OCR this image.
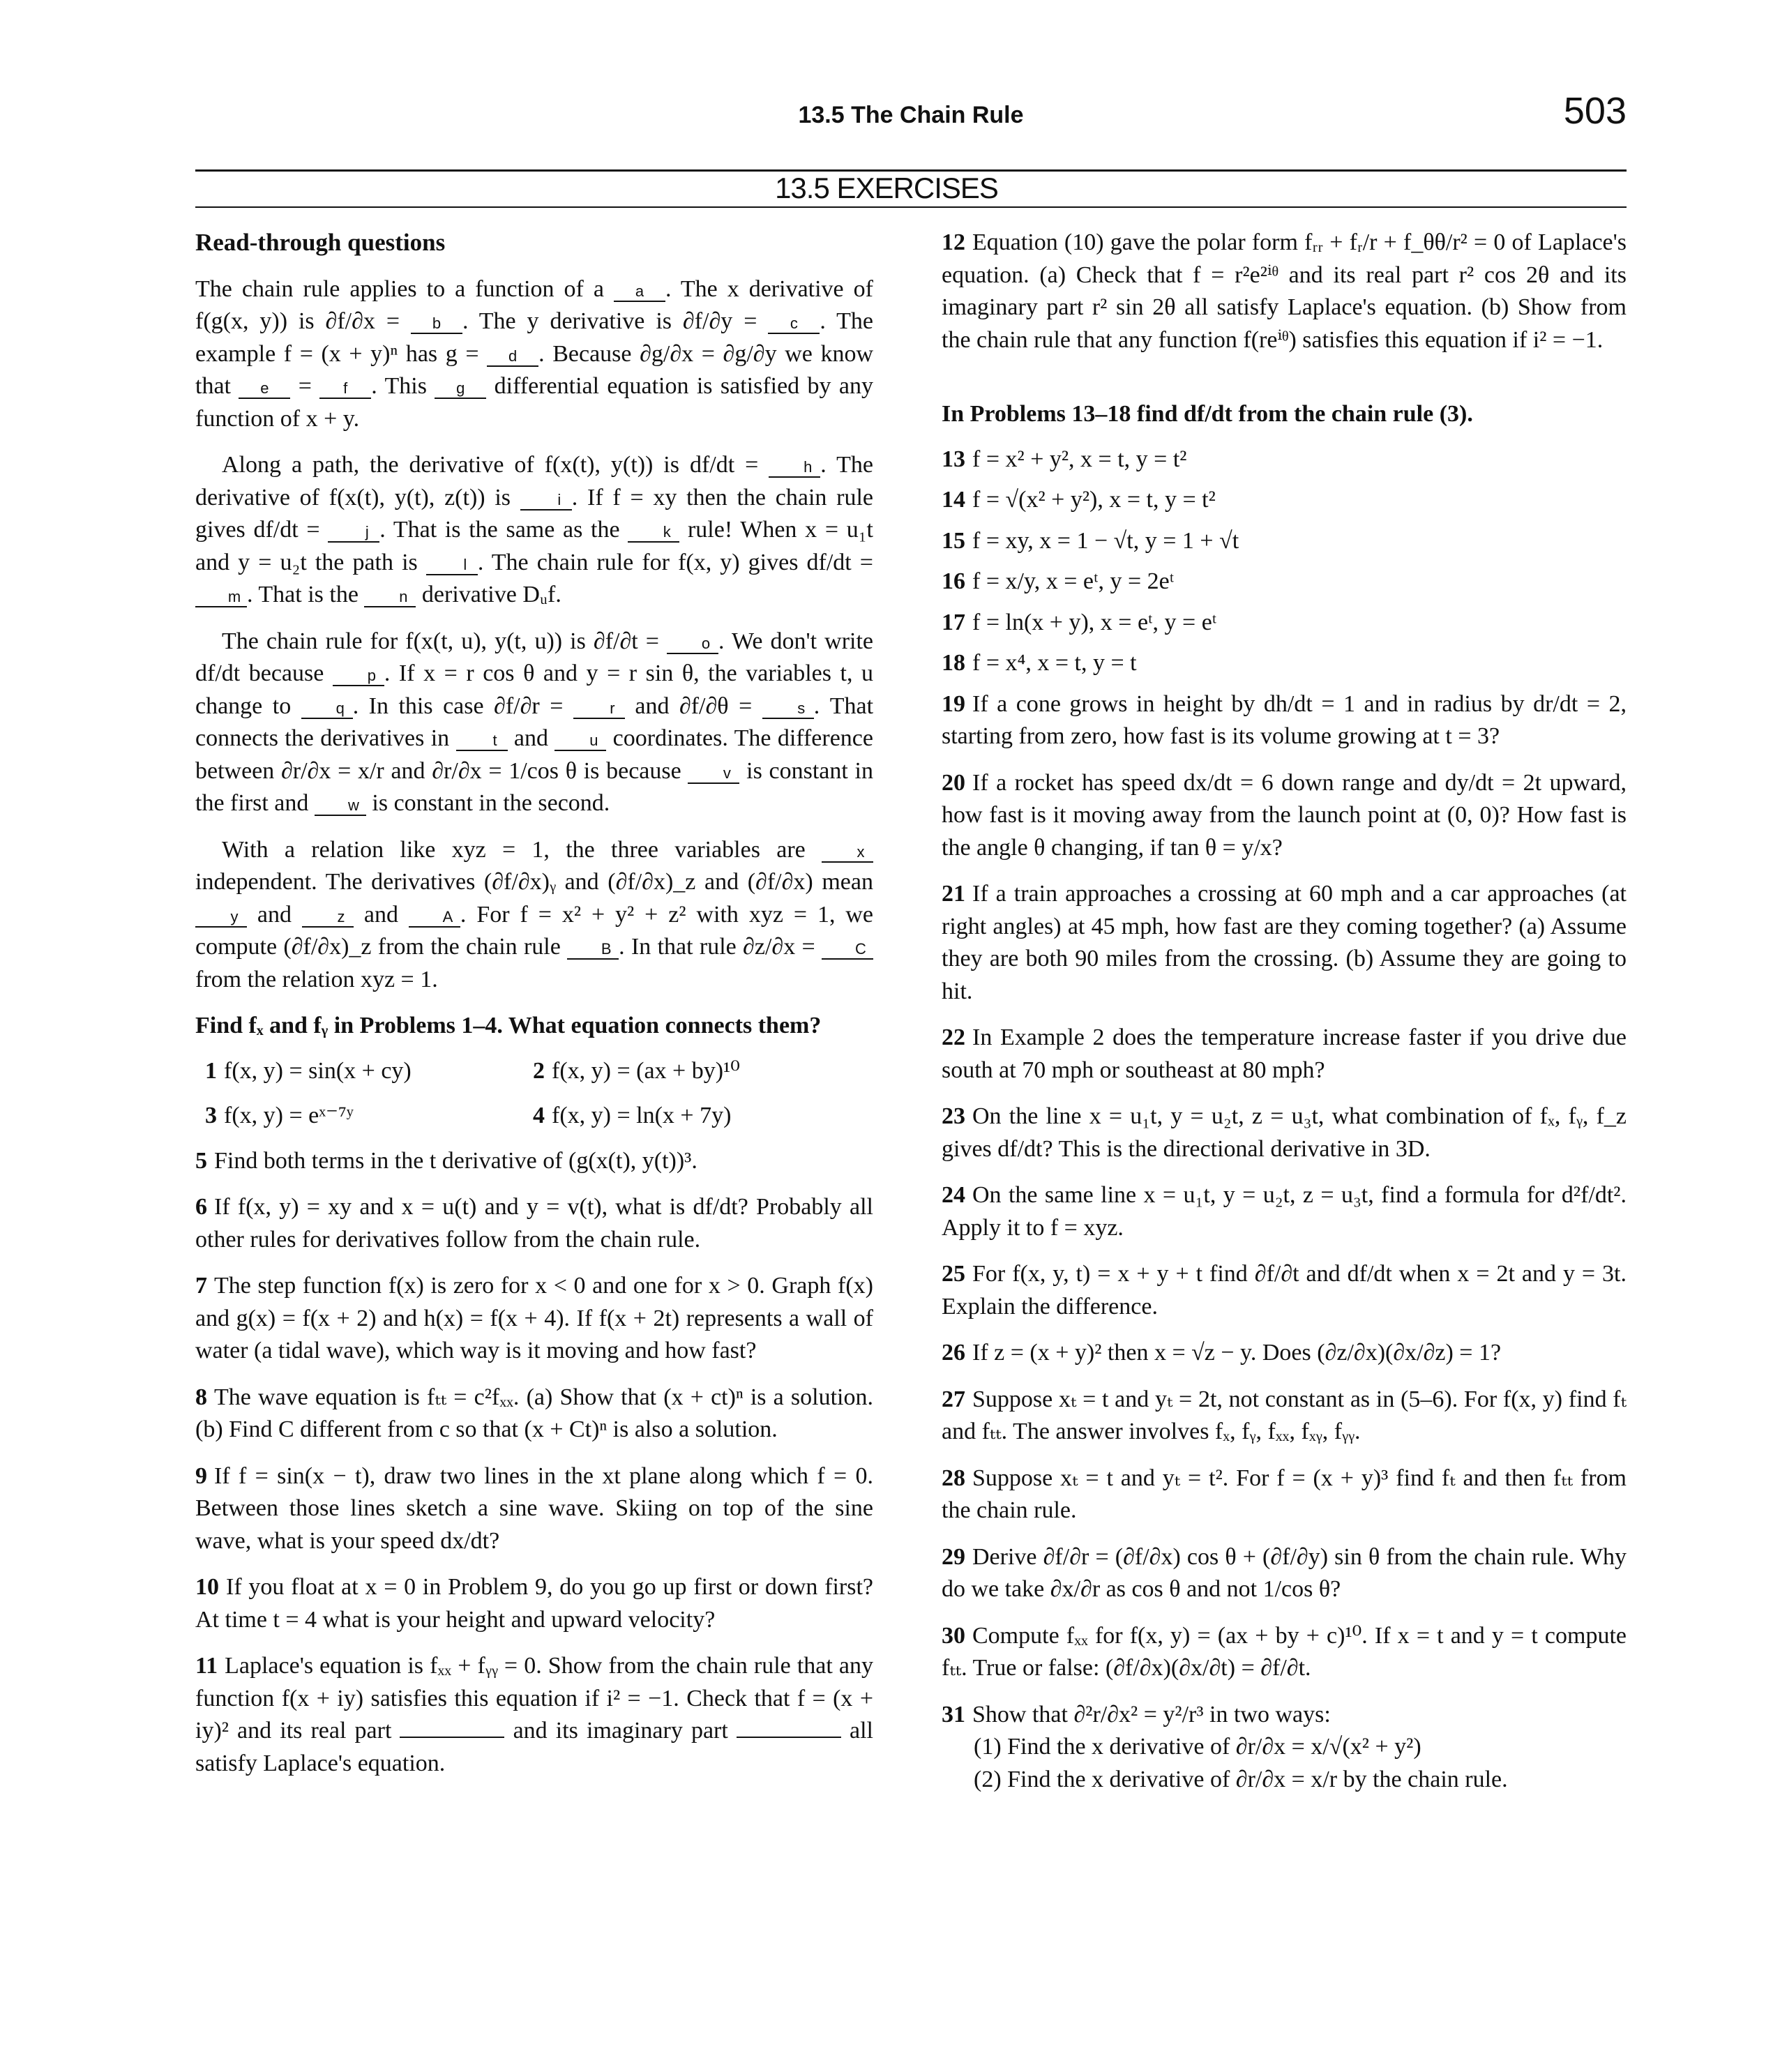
13.5 The Chain Rule	503
13.5 EXERCISES
Read-through questions

The chain rule applies to a function of a a . The x derivative of f(g(x, y)) is ∂f/∂x = b . The y derivative is ∂f/∂y = c . The example f = (x + y)ⁿ has g = d . Because ∂g/∂x = ∂g/∂y we know that e = f . This g differential equation is satisfied by any function of x + y.

Along a path, the derivative of f(x(t), y(t)) is df/dt = h . The derivative of f(x(t), y(t), z(t)) is i . If f = xy then the chain rule gives df/dt = j . That is the same as the k rule! When x = u₁t and y = u₂t the path is l . The chain rule for f(x, y) gives df/dt = m . That is the n derivative Dᵤf.

The chain rule for f(x(t, u), y(t, u)) is ∂f/∂t = o . We don't write df/dt because p . If x = r cos θ and y = r sin θ, the variables t, u change to q . In this case ∂f/∂r = r and ∂f/∂θ = s . That connects the derivatives in t and u coordinates. The difference between ∂r/∂x = x/r and ∂r/∂x = 1/cos θ is because v is constant in the first and w is constant in the second.

With a relation like xyz = 1, the three variables are x independent. The derivatives (∂f/∂x)ᵧ and (∂f/∂x)_z and (∂f/∂x) mean y and z and A . For f = x² + y² + z² with xyz = 1, we compute (∂f/∂x)_z from the chain rule B . In that rule ∂z/∂x = C from the relation xyz = 1.

Find fₓ and fᵧ in Problems 1–4. What equation connects them?
1 f(x, y) = sin(x + cy)	2 f(x, y) = (ax + by)¹⁰
3 f(x, y) = eˣ⁻⁷ʸ	4 f(x, y) = ln(x + 7y)
5 Find both terms in the t derivative of (g(x(t), y(t))³.
6 If f(x, y) = xy and x = u(t) and y = v(t), what is df/dt? Probably all other rules for derivatives follow from the chain rule.
7 The step function f(x) is zero for x < 0 and one for x > 0. Graph f(x) and g(x) = f(x + 2) and h(x) = f(x + 4). If f(x + 2t) represents a wall of water (a tidal wave), which way is it moving and how fast?
8 The wave equation is fₜₜ = c²fₓₓ. (a) Show that (x + ct)ⁿ is a solution. (b) Find C different from c so that (x + Ct)ⁿ is also a solution.
9 If f = sin(x − t), draw two lines in the xt plane along which f = 0. Between those lines sketch a sine wave. Skiing on top of the sine wave, what is your speed dx/dt?
10 If you float at x = 0 in Problem 9, do you go up first or down first? At time t = 4 what is your height and upward velocity?
11 Laplace's equation is fₓₓ + fᵧᵧ = 0. Show from the chain rule that any function f(x + iy) satisfies this equation if i² = −1. Check that f = (x + iy)² and its real part	and its imaginary part	all satisfy Laplace's equation.
12 Equation (10) gave the polar form fᵣᵣ + fᵣ/r + f_θθ/r² = 0 of Laplace's equation. (a) Check that f = r²e²ⁱᶿ and its real part r² cos 2θ and its imaginary part r² sin 2θ all satisfy Laplace's equation. (b) Show from the chain rule that any function f(reⁱᶿ) satisfies this equation if i² = −1.
In Problems 13–18 find df/dt from the chain rule (3).
13 f = x² + y², x = t, y = t²
14 f = √(x² + y²), x = t, y = t²
15 f = xy, x = 1 − √t, y = 1 + √t
16 f = x/y, x = eᵗ, y = 2eᵗ
17 f = ln(x + y), x = eᵗ, y = eᵗ
18 f = x⁴, x = t, y = t
19 If a cone grows in height by dh/dt = 1 and in radius by dr/dt = 2, starting from zero, how fast is its volume growing at t = 3?
20 If a rocket has speed dx/dt = 6 down range and dy/dt = 2t upward, how fast is it moving away from the launch point at (0, 0)? How fast is the angle θ changing, if tan θ = y/x?
21 If a train approaches a crossing at 60 mph and a car approaches (at right angles) at 45 mph, how fast are they coming together? (a) Assume they are both 90 miles from the crossing. (b) Assume they are going to hit.
22 In Example 2 does the temperature increase faster if you drive due south at 70 mph or southeast at 80 mph?
23 On the line x = u₁t, y = u₂t, z = u₃t, what combination of fₓ, fᵧ, f_z gives df/dt? This is the directional derivative in 3D.
24 On the same line x = u₁t, y = u₂t, z = u₃t, find a formula for d²f/dt². Apply it to f = xyz.
25 For f(x, y, t) = x + y + t find ∂f/∂t and df/dt when x = 2t and y = 3t. Explain the difference.
26 If z = (x + y)² then x = √z − y. Does (∂z/∂x)(∂x/∂z) = 1?
27 Suppose xₜ = t and yₜ = 2t, not constant as in (5–6). For f(x, y) find fₜ and fₜₜ. The answer involves fₓ, fᵧ, fₓₓ, fₓᵧ, fᵧᵧ.
28 Suppose xₜ = t and yₜ = t². For f = (x + y)³ find fₜ and then fₜₜ from the chain rule.
29 Derive ∂f/∂r = (∂f/∂x) cos θ + (∂f/∂y) sin θ from the chain rule. Why do we take ∂x/∂r as cos θ and not 1/cos θ?
30 Compute fₓₓ for f(x, y) = (ax + by + c)¹⁰. If x = t and y = t compute fₜₜ. True or false: (∂f/∂x)(∂x/∂t) = ∂f/∂t.
31 Show that ∂²r/∂x² = y²/r³ in two ways:
(1) Find the x derivative of ∂r/∂x = x/√(x² + y²)
(2) Find the x derivative of ∂r/∂x = x/r by the chain rule.
